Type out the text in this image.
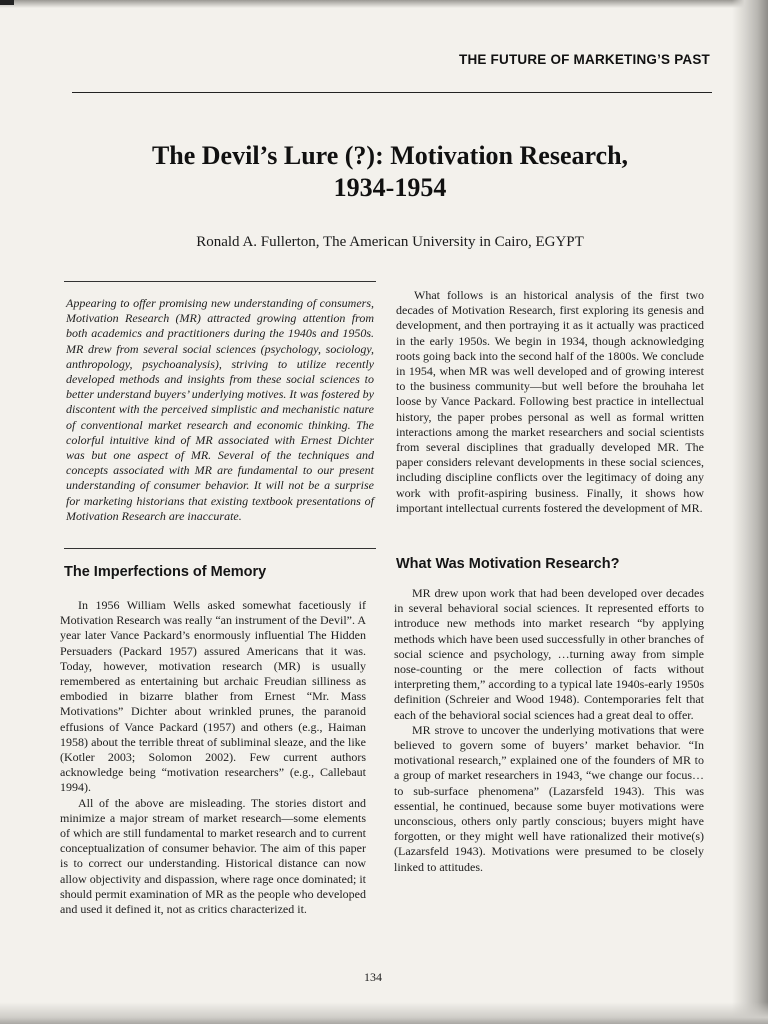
THE FUTURE OF MARKETING’S PAST
The Devil’s Lure (?): Motivation Research,
1934-1954
Ronald A. Fullerton, The American University in Cairo, EGYPT
Appearing to offer promising new understanding of consumers, Motivation Research (MR) attracted growing attention from both academics and practitioners during the 1940s and 1950s. MR drew from several social sciences (psychology, sociology, anthropology, psychoanalysis), striving to utilize recently developed methods and insights from these social sciences to better understand buyers’ underlying motives. It was fostered by discontent with the perceived simplistic and mechanistic nature of conventional market research and economic thinking. The colorful intuitive kind of MR associated with Ernest Dichter was but one aspect of MR. Several of the techniques and concepts associated with MR are fundamental to our present understanding of consumer behavior. It will not be a surprise for marketing historians that existing textbook presentations of Motivation Research are inaccurate.

What follows is an historical analysis of the first two decades of Motivation Research, first exploring its genesis and development, and then portraying it as it actually was practiced in the early 1950s. We begin in 1934, though acknowledging roots going back into the second half of the 1800s. We conclude in 1954, when MR was well developed and of growing interest to the business community—but well before the brouhaha let loose by Vance Packard. Following best practice in intellectual history, the paper probes personal as well as formal written interactions among the market researchers and social scientists from several disciplines that gradually developed MR. The paper considers relevant developments in these social sciences, including discipline conflicts over the legitimacy of doing any work with profit-aspiring business. Finally, it shows how important intellectual currents fostered the development of MR.

The Imperfections of Memory

In 1956 William Wells asked somewhat facetiously if Motivation Research was really “an instrument of the Devil”. A year later Vance Packard’s enormously influential The Hidden Persuaders (Packard 1957) assured Americans that it was. Today, however, motivation research (MR) is usually remembered as entertaining but archaic Freudian silliness as embodied in bizarre blather from Ernest “Mr. Mass Motivations” Dichter about wrinkled prunes, the paranoid effusions of Vance Packard (1957) and others (e.g., Haiman 1958) about the terrible threat of subliminal sleaze, and the like (Kotler 2003; Solomon 2002). Few current authors acknowledge being “motivation researchers” (e.g., Callebaut 1994).

All of the above are misleading. The stories distort and minimize a major stream of market research—some elements of which are still fundamental to market research and to current conceptualization of consumer behavior. The aim of this paper is to correct our understanding. Historical distance can now allow objectivity and dispassion, where rage once dominated; it should permit examination of MR as the people who developed and used it defined it, not as critics characterized it.

What Was Motivation Research?

MR drew upon work that had been developed over decades in several behavioral social sciences. It represented efforts to introduce new methods into market research “by applying methods which have been used successfully in other branches of social science and psychology, …turning away from simple nose-counting or the mere collection of facts without interpreting them,” according to a typical late 1940s-early 1950s definition (Schreier and Wood 1948). Contemporaries felt that each of the behavioral social sciences had a great deal to offer.

MR strove to uncover the underlying motivations that were believed to govern some of buyers’ market behavior. “In motivational research,” explained one of the founders of MR to a group of market researchers in 1943, “we change our focus…to sub-surface phenomena” (Lazarsfeld 1943). This was essential, he continued, because some buyer motivations were unconscious, others only partly conscious; buyers might have forgotten, or they might well have rationalized their motive(s) (Lazarsfeld 1943). Motivations were presumed to be closely linked to attitudes.

134
